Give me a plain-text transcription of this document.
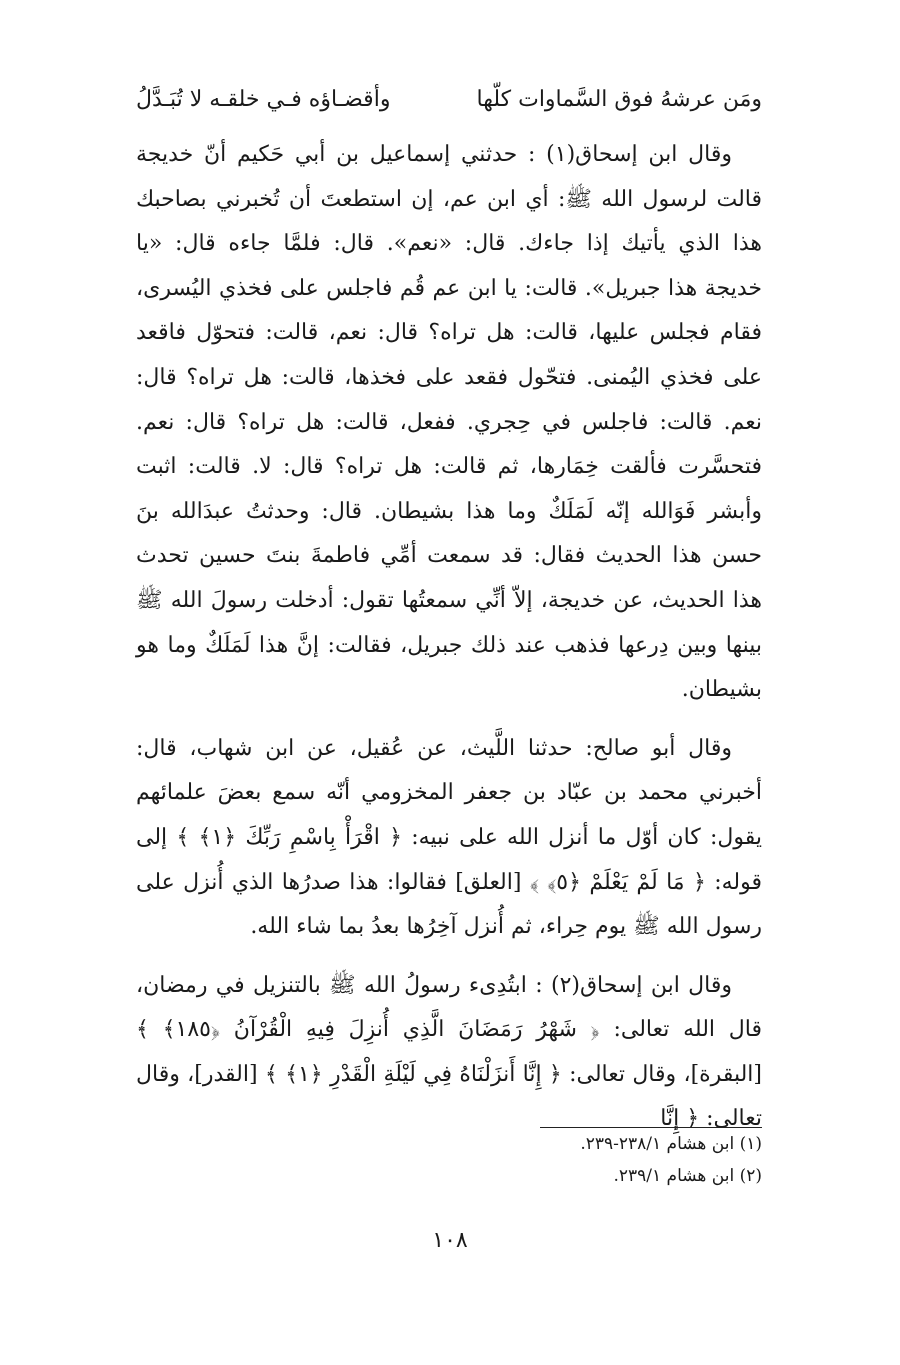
ومَن عرشهُ فوق السَّماوات كلّها
وأقضـاؤه فـي خلقـه لا تُبَـدَّلُ

وقال ابن إسحاق(١) : حدثني إسماعيل بن أبي حَكيم أنّ خديجة قالت لرسول الله ﷺ: أي ابن عم، إن استطعتَ أن تُخبرني بصاحبك هذا الذي يأتيك إذا جاءك. قال: «نعم». قال: فلمَّا جاءه قال: «يا خديجة هذا جبريل». قالت: يا ابن عم قُم فاجلس على فخذي اليُسرى، فقام فجلس عليها، قالت: هل تراه؟ قال: نعم، قالت: فتحوّل فاقعد على فخذي اليُمنى. فتحّول فقعد على فخذها، قالت: هل تراه؟ قال: نعم. قالت: فاجلس في حِجري. ففعل، قالت: هل تراه؟ قال: نعم. فتحسَّرت فألقت خِمَارها، ثم قالت: هل تراه؟ قال: لا. قالت: اثبت وأبشر فَوَالله إنّه لَمَلَكٌ وما هذا بشيطان. قال: وحدثتُ عبدَالله بنَ حسن هذا الحديث فقال: قد سمعت أمِّي فاطمةَ بنتَ حسين تحدث هذا الحديث، عن خديجة، إلاّ أنِّي سمعتُها تقول: أدخلت رسولَ الله ﷺ بينها وبين دِرعها فذهب عند ذلك جبريل، فقالت: إنَّ هذا لَمَلَكٌ وما هو بشيطان.

وقال أبو صالح: حدثنا اللَّيث، عن عُقيل، عن ابن شهاب، قال: أخبرني محمد بن عبّاد بن جعفر المخزومي أنّه سمع بعضَ علمائهم يقول: كان أوّل ما أنزل الله على نبيه: ﴿ اقْرَأْ بِاسْمِ رَبِّكَ ﴿١﴾ ﴾ إلى قوله: ﴿ مَا لَمْ يَعْلَمْ ﴿٥﴾ ﴾ [العلق] فقالوا: هذا صدرُها الذي أُنزل على رسول الله ﷺ يوم حِراء، ثم أُنزل آخِرُها بعدُ بما شاء الله.

وقال ابن إسحاق(٢) : ابتُدِىء رسولُ الله ﷺ بالتنزيل في رمضان، قال الله تعالى: ﴿ شَهْرُ رَمَضَانَ الَّذِي أُنزِلَ فِيهِ الْقُرْآنُ ﴿١٨٥﴾ ﴾ [البقرة]، وقال تعالى: ﴿ إِنَّا أَنزَلْنَاهُ فِي لَيْلَةِ الْقَدْرِ ﴿١﴾ ﴾ [القدر]، وقال تعالى: ﴿ إِنَّا

(١) ابن هشام ٢٣٨/١-٢٣٩.
(٢) ابن هشام ٢٣٩/١.
١٠٨
